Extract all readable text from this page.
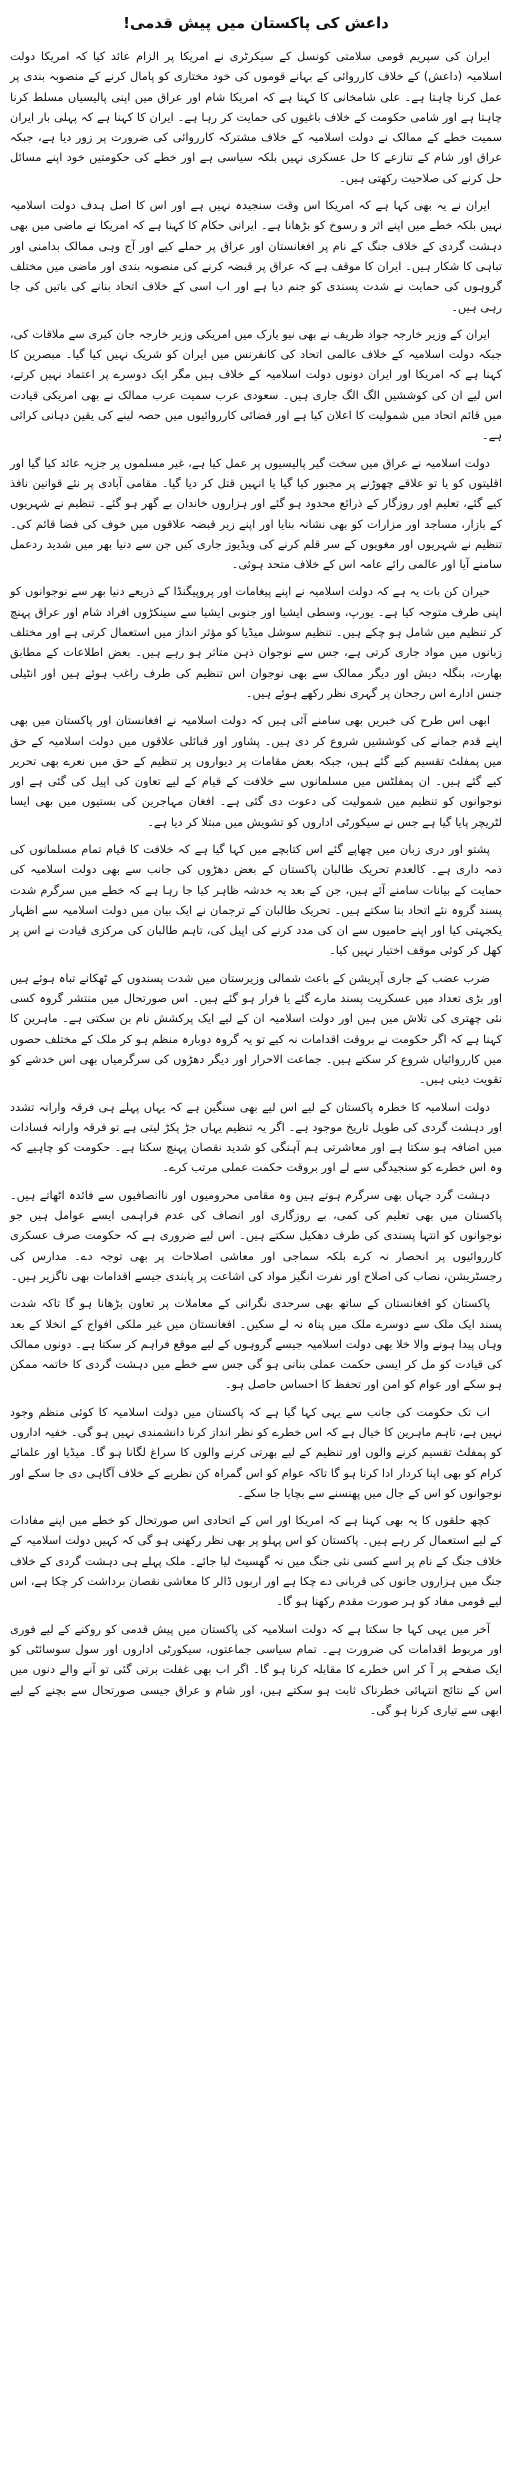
داعش کی پاکستان میں پیش قدمی!

ایران کی سپریم قومی سلامتی کونسل کے سیکرٹری نے امریکا پر الزام عائد کیا کہ امریکا دولت اسلامیہ (داعش) کے خلاف کارروائی کے بہانے قوموں کی خود مختاری کو پامال کرنے کے منصوبہ بندی پر عمل کرنا چاہتا ہے۔ علی شامخانی کا کہنا ہے کہ امریکا شام اور عراق میں اپنی پالیسیاں مسلط کرنا چاہتا ہے اور شامی حکومت کے خلاف باغیوں کی حمایت کر رہا ہے۔ ایران کا کہنا ہے کہ پہلی بار ایران سمیت خطے کے ممالک نے دولت اسلامیہ کے خلاف مشترکہ کارروائی کی ضرورت پر زور دیا ہے، جبکہ عراق اور شام کے تنازعے کا حل عسکری نہیں بلکہ سیاسی ہے اور خطے کی حکومتیں خود اپنے مسائل حل کرنے کی صلاحیت رکھتی ہیں۔

ایران نے یہ بھی کہا ہے کہ امریکا اس وقت سنجیدہ نہیں ہے اور اس کا اصل ہدف دولت اسلامیہ نہیں بلکہ خطے میں اپنے اثر و رسوخ کو بڑھانا ہے۔ ایرانی حکام کا کہنا ہے کہ امریکا نے ماضی میں بھی دہشت گردی کے خلاف جنگ کے نام پر افغانستان اور عراق پر حملے کیے اور آج وہی ممالک بدامنی اور تباہی کا شکار ہیں۔ ایران کا موقف ہے کہ عراق پر قبضہ کرنے کی منصوبہ بندی اور ماضی میں مختلف گروہوں کی حمایت نے شدت پسندی کو جنم دیا ہے اور اب اسی کے خلاف اتحاد بنانے کی باتیں کی جا رہی ہیں۔

ایران کے وزیر خارجہ جواد ظریف نے بھی نیو یارک میں امریکی وزیر خارجہ جان کیری سے ملاقات کی، جبکہ دولت اسلامیہ کے خلاف عالمی اتحاد کی کانفرنس میں ایران کو شریک نہیں کیا گیا۔ مبصرین کا کہنا ہے کہ امریکا اور ایران دونوں دولت اسلامیہ کے خلاف ہیں مگر ایک دوسرے پر اعتماد نہیں کرتے، اس لیے ان کی کوششیں الگ الگ جاری ہیں۔ سعودی عرب سمیت عرب ممالک نے بھی امریکی قیادت میں قائم اتحاد میں شمولیت کا اعلان کیا ہے اور فضائی کارروائیوں میں حصہ لینے کی یقین دہانی کرائی ہے۔

دولت اسلامیہ نے عراق میں سخت گیر پالیسیوں پر عمل کیا ہے، غیر مسلموں پر جزیہ عائد کیا گیا اور اقلیتوں کو یا تو علاقے چھوڑنے پر مجبور کیا گیا یا انہیں قتل کر دیا گیا۔ مقامی آبادی پر نئے قوانین نافذ کیے گئے، تعلیم اور روزگار کے ذرائع محدود ہو گئے اور ہزاروں خاندان بے گھر ہو گئے۔ تنظیم نے شہریوں کے بازار، مساجد اور مزارات کو بھی نشانہ بنایا اور اپنے زیر قبضہ علاقوں میں خوف کی فضا قائم کی۔ تنظیم نے شہریوں اور مغویوں کے سر قلم کرنے کی ویڈیوز جاری کیں جن سے دنیا بھر میں شدید ردعمل سامنے آیا اور عالمی رائے عامہ اس کے خلاف متحد ہوئی۔

حیران کن بات یہ ہے کہ دولت اسلامیہ نے اپنے پیغامات اور پروپیگنڈا کے ذریعے دنیا بھر سے نوجوانوں کو اپنی طرف متوجہ کیا ہے۔ یورپ، وسطی ایشیا اور جنوبی ایشیا سے سینکڑوں افراد شام اور عراق پہنچ کر تنظیم میں شامل ہو چکے ہیں۔ تنظیم سوشل میڈیا کو مؤثر انداز میں استعمال کرتی ہے اور مختلف زبانوں میں مواد جاری کرتی ہے، جس سے نوجوان ذہن متاثر ہو رہے ہیں۔ بعض اطلاعات کے مطابق بھارت، بنگلہ دیش اور دیگر ممالک سے بھی نوجوان اس تنظیم کی طرف راغب ہوئے ہیں اور انٹیلی جنس ادارے اس رجحان پر گہری نظر رکھے ہوئے ہیں۔

ابھی اس طرح کی خبریں بھی سامنے آئی ہیں کہ دولت اسلامیہ نے افغانستان اور پاکستان میں بھی اپنے قدم جمانے کی کوششیں شروع کر دی ہیں۔ پشاور اور قبائلی علاقوں میں دولت اسلامیہ کے حق میں پمفلٹ تقسیم کیے گئے ہیں، جبکہ بعض مقامات پر دیواروں پر تنظیم کے حق میں نعرے بھی تحریر کیے گئے ہیں۔ ان پمفلٹس میں مسلمانوں سے خلافت کے قیام کے لیے تعاون کی اپیل کی گئی ہے اور نوجوانوں کو تنظیم میں شمولیت کی دعوت دی گئی ہے۔ افغان مہاجرین کی بستیوں میں بھی ایسا لٹریچر پایا گیا ہے جس نے سیکورٹی اداروں کو تشویش میں مبتلا کر دیا ہے۔

پشتو اور دری زبان میں چھاپے گئے اس کتابچے میں کہا گیا ہے کہ خلافت کا قیام تمام مسلمانوں کی ذمہ داری ہے۔ کالعدم تحریک طالبان پاکستان کے بعض دھڑوں کی جانب سے بھی دولت اسلامیہ کی حمایت کے بیانات سامنے آئے ہیں، جن کے بعد یہ خدشہ ظاہر کیا جا رہا ہے کہ خطے میں سرگرم شدت پسند گروہ نئے اتحاد بنا سکتے ہیں۔ تحریک طالبان کے ترجمان نے ایک بیان میں دولت اسلامیہ سے اظہار یکجہتی کیا اور اپنے حامیوں سے ان کی مدد کرنے کی اپیل کی، تاہم طالبان کی مرکزی قیادت نے اس پر کھل کر کوئی موقف اختیار نہیں کیا۔

ضرب عضب کے جاری آپریشن کے باعث شمالی وزیرستان میں شدت پسندوں کے ٹھکانے تباہ ہوئے ہیں اور بڑی تعداد میں عسکریت پسند مارے گئے یا فرار ہو گئے ہیں۔ اس صورتحال میں منتشر گروہ کسی نئی چھتری کی تلاش میں ہیں اور دولت اسلامیہ ان کے لیے ایک پرکشش نام بن سکتی ہے۔ ماہرین کا کہنا ہے کہ اگر حکومت نے بروقت اقدامات نہ کیے تو یہ گروہ دوبارہ منظم ہو کر ملک کے مختلف حصوں میں کارروائیاں شروع کر سکتے ہیں۔ جماعت الاحرار اور دیگر دھڑوں کی سرگرمیاں بھی اس خدشے کو تقویت دیتی ہیں۔

دولت اسلامیہ کا خطرہ پاکستان کے لیے اس لیے بھی سنگین ہے کہ یہاں پہلے ہی فرقہ وارانہ تشدد اور دہشت گردی کی طویل تاریخ موجود ہے۔ اگر یہ تنظیم یہاں جڑ پکڑ لیتی ہے تو فرقہ وارانہ فسادات میں اضافہ ہو سکتا ہے اور معاشرتی ہم آہنگی کو شدید نقصان پہنچ سکتا ہے۔ حکومت کو چاہیے کہ وہ اس خطرے کو سنجیدگی سے لے اور بروقت حکمت عملی مرتب کرے۔

دہشت گرد جہاں بھی سرگرم ہوتے ہیں وہ مقامی محرومیوں اور ناانصافیوں سے فائدہ اٹھاتے ہیں۔ پاکستان میں بھی تعلیم کی کمی، بے روزگاری اور انصاف کی عدم فراہمی ایسے عوامل ہیں جو نوجوانوں کو انتہا پسندی کی طرف دھکیل سکتے ہیں۔ اس لیے ضروری ہے کہ حکومت صرف عسکری کارروائیوں پر انحصار نہ کرے بلکہ سماجی اور معاشی اصلاحات پر بھی توجہ دے۔ مدارس کی رجسٹریشن، نصاب کی اصلاح اور نفرت انگیز مواد کی اشاعت پر پابندی جیسے اقدامات بھی ناگزیر ہیں۔

پاکستان کو افغانستان کے ساتھ بھی سرحدی نگرانی کے معاملات پر تعاون بڑھانا ہو گا تاکہ شدت پسند ایک ملک سے دوسرے ملک میں پناہ نہ لے سکیں۔ افغانستان میں غیر ملکی افواج کے انخلا کے بعد وہاں پیدا ہونے والا خلا بھی دولت اسلامیہ جیسے گروہوں کے لیے موقع فراہم کر سکتا ہے۔ دونوں ممالک کی قیادت کو مل کر ایسی حکمت عملی بنانی ہو گی جس سے خطے میں دہشت گردی کا خاتمہ ممکن ہو سکے اور عوام کو امن اور تحفظ کا احساس حاصل ہو۔

اب تک حکومت کی جانب سے یہی کہا گیا ہے کہ پاکستان میں دولت اسلامیہ کا کوئی منظم وجود نہیں ہے، تاہم ماہرین کا خیال ہے کہ اس خطرے کو نظر انداز کرنا دانشمندی نہیں ہو گی۔ خفیہ اداروں کو پمفلٹ تقسیم کرنے والوں اور تنظیم کے لیے بھرتی کرنے والوں کا سراغ لگانا ہو گا۔ میڈیا اور علمائے کرام کو بھی اپنا کردار ادا کرنا ہو گا تاکہ عوام کو اس گمراہ کن نظریے کے خلاف آگاہی دی جا سکے اور نوجوانوں کو اس کے جال میں پھنسنے سے بچایا جا سکے۔

کچھ حلقوں کا یہ بھی کہنا ہے کہ امریکا اور اس کے اتحادی اس صورتحال کو خطے میں اپنے مفادات کے لیے استعمال کر رہے ہیں۔ پاکستان کو اس پہلو پر بھی نظر رکھنی ہو گی کہ کہیں دولت اسلامیہ کے خلاف جنگ کے نام پر اسے کسی نئی جنگ میں نہ گھسیٹ لیا جائے۔ ملک پہلے ہی دہشت گردی کے خلاف جنگ میں ہزاروں جانوں کی قربانی دے چکا ہے اور اربوں ڈالر کا معاشی نقصان برداشت کر چکا ہے، اس لیے قومی مفاد کو ہر صورت مقدم رکھنا ہو گا۔

آخر میں یہی کہا جا سکتا ہے کہ دولت اسلامیہ کی پاکستان میں پیش قدمی کو روکنے کے لیے فوری اور مربوط اقدامات کی ضرورت ہے۔ تمام سیاسی جماعتوں، سیکورٹی اداروں اور سول سوسائٹی کو ایک صفحے پر آ کر اس خطرے کا مقابلہ کرنا ہو گا۔ اگر اب بھی غفلت برتی گئی تو آنے والے دنوں میں اس کے نتائج انتہائی خطرناک ثابت ہو سکتے ہیں، اور شام و عراق جیسی صورتحال سے بچنے کے لیے ابھی سے تیاری کرنا ہو گی۔
